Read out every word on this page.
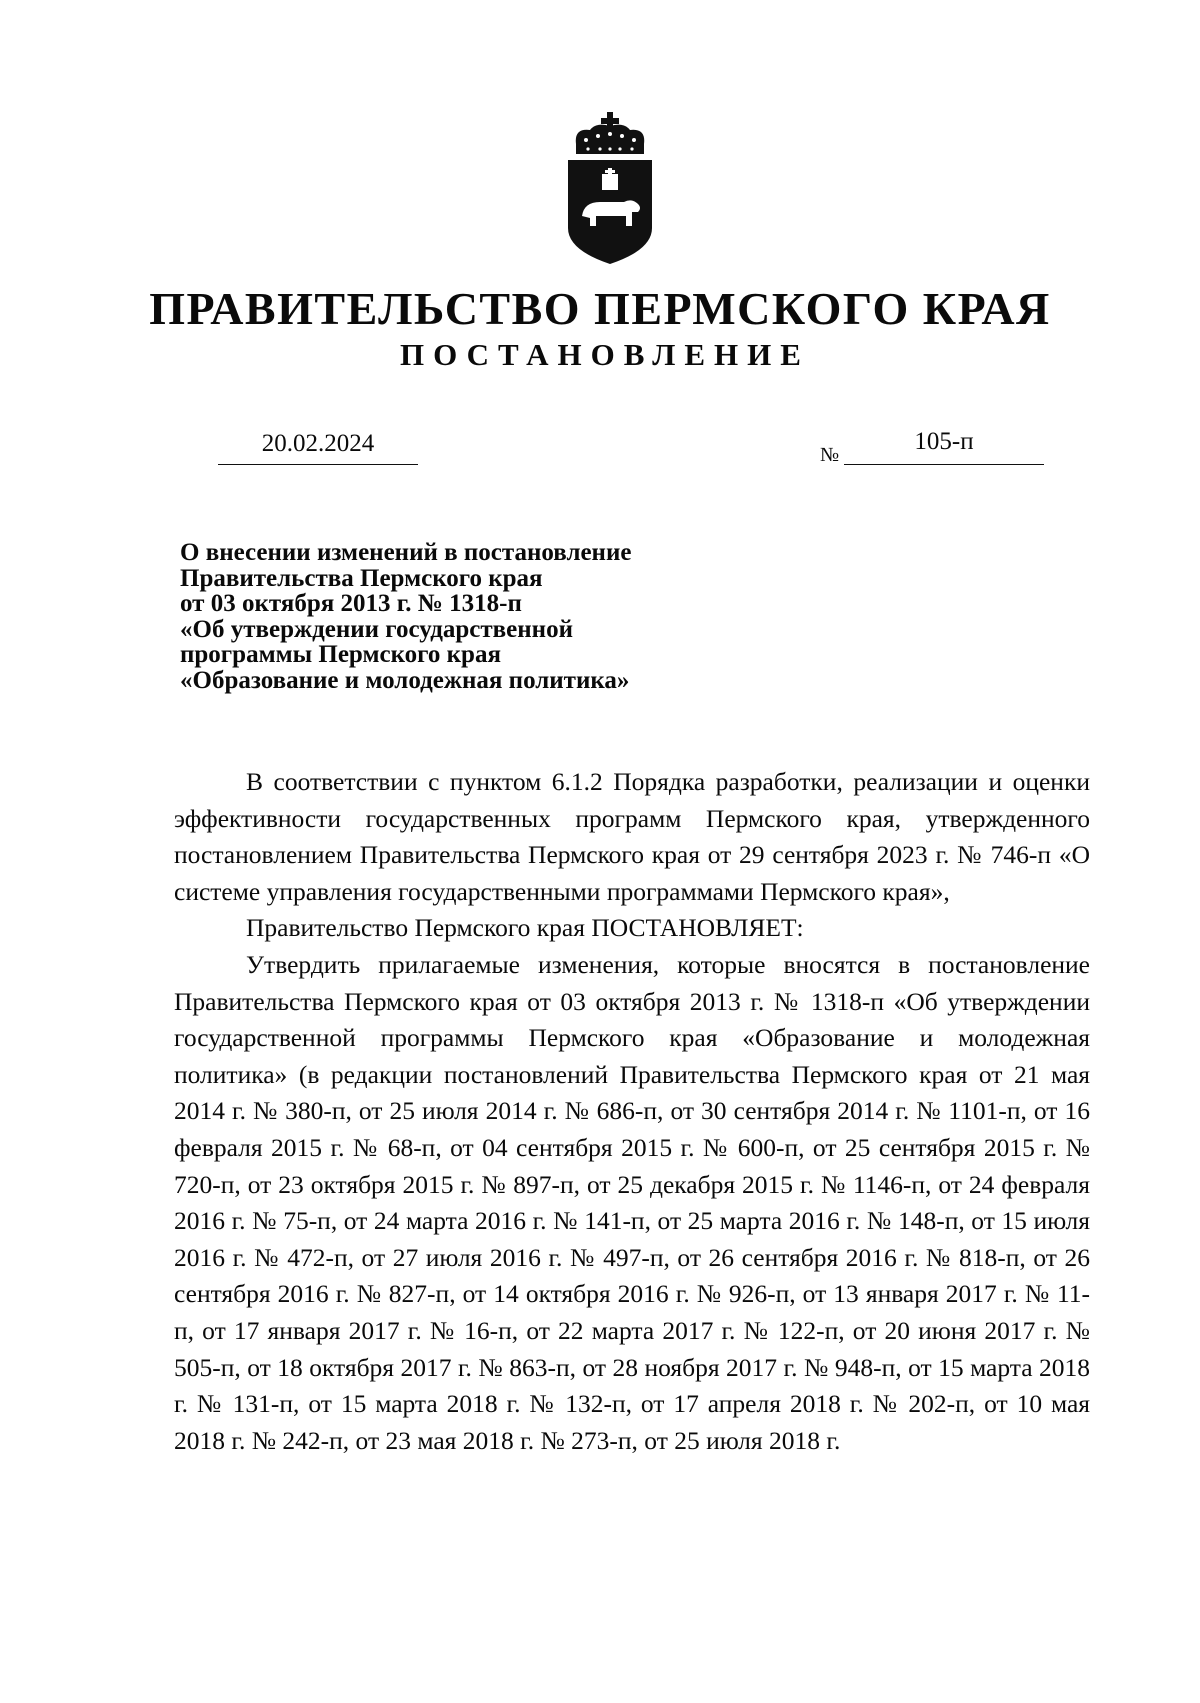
ПРАВИТЕЛЬСТВО ПЕРМСКОГО КРАЯ
ПОСТАНОВЛЕНИЕ
20.02.2024	№	105-п

О внесении изменений в постановление
Правительства Пермского края
от 03 октября 2013 г. № 1318-п
«Об утверждении государственной
программы Пермского края
«Образование и молодежная политика»

В соответствии с пунктом 6.1.2 Порядка разработки, реализации и оценки эффективности государственных программ Пермского края, утвержденного постановлением Правительства Пермского края от 29 сентября 2023 г. № 746-п «О системе управления государственными программами Пермского края»,

Правительство Пермского края ПОСТАНОВЛЯЕТ:

Утвердить прилагаемые изменения, которые вносятся в постановление Правительства Пермского края от 03 октября 2013 г. № 1318-п «Об утверждении государственной программы Пермского края «Образование и молодежная политика» (в редакции постановлений Правительства Пермского края от 21 мая 2014 г. № 380-п, от 25 июля 2014 г. № 686-п, от 30 сентября 2014 г. № 1101-п, от 16 февраля 2015 г. № 68-п, от 04 сентября 2015 г. № 600-п, от 25 сентября 2015 г. № 720-п, от 23 октября 2015 г. № 897-п, от 25 декабря 2015 г. № 1146-п, от 24 февраля 2016 г. № 75-п, от 24 марта 2016 г. № 141-п, от 25 марта 2016 г. № 148-п, от 15 июля 2016 г. № 472-п, от 27 июля 2016 г. № 497-п, от 26 сентября 2016 г. № 818-п, от 26 сентября 2016 г. № 827-п, от 14 октября 2016 г. № 926-п, от 13 января 2017 г. № 11-п, от 17 января 2017 г. № 16-п, от 22 марта 2017 г. № 122-п, от 20 июня 2017 г. № 505-п, от 18 октября 2017 г. № 863-п, от 28 ноября 2017 г. № 948-п, от 15 марта 2018 г. № 131-п, от 15 марта 2018 г. № 132-п, от 17 апреля 2018 г. № 202-п, от 10 мая 2018 г. № 242-п, от 23 мая 2018 г. № 273-п, от 25 июля 2018 г.
